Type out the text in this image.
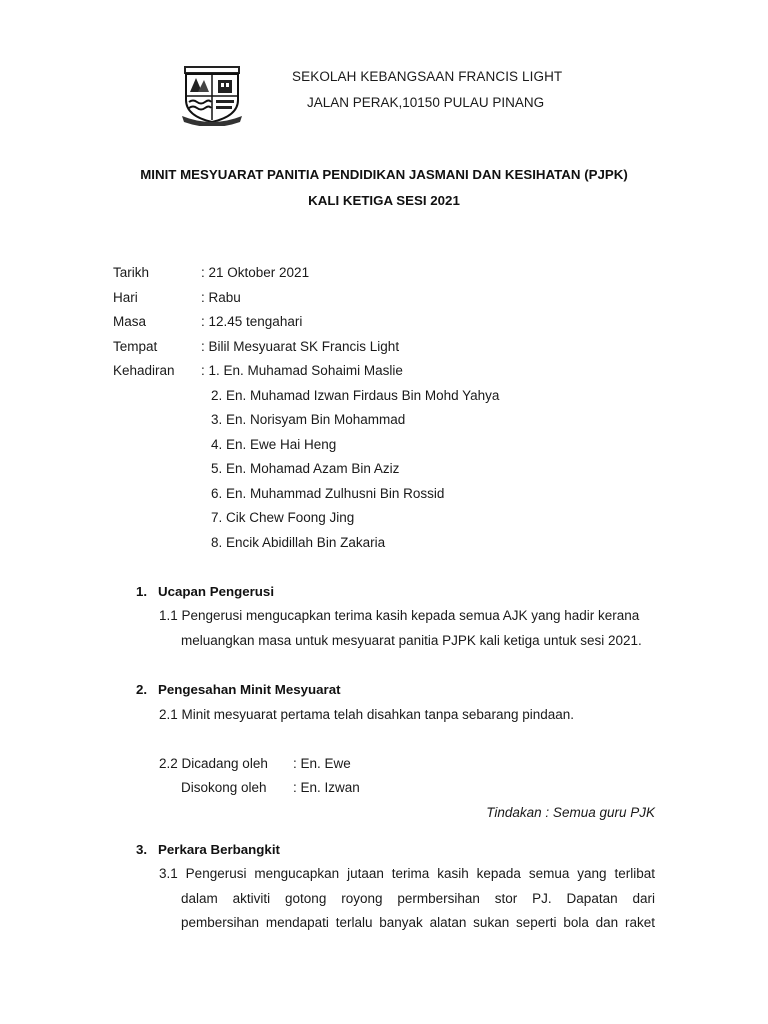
SEKOLAH KEBANGSAAN FRANCIS LIGHT
JALAN PERAK,10150 PULAU PINANG
MINIT MESYUARAT PANITIA PENDIDIKAN JASMANI DAN KESIHATAN (PJPK)
KALI KETIGA SESI 2021
Tarikh	: 21 Oktober 2021
Hari	: Rabu
Masa	: 12.45 tengahari
Tempat	: Bilil Mesyuarat SK Francis Light
Kehadiran : 1. En. Muhamad Sohaimi Maslie
2. En. Muhamad Izwan Firdaus Bin Mohd Yahya
3. En. Norisyam Bin Mohammad
4. En. Ewe Hai Heng
5. En. Mohamad Azam Bin Aziz
6. En. Muhammad Zulhusni Bin Rossid
7. Cik Chew Foong Jing
8. Encik Abidillah Bin Zakaria
1. Ucapan Pengerusi
1.1 Pengerusi mengucapkan terima kasih kepada semua AJK yang hadir kerana
meluangkan masa untuk mesyuarat panitia PJPK kali ketiga untuk sesi 2021.
2. Pengesahan Minit Mesyuarat
2.1 Minit mesyuarat pertama telah disahkan tanpa sebarang pindaan.
2.2 Dicadang oleh : En. Ewe
Disokong oleh : En. Izwan
Tindakan : Semua guru PJK
3. Perkara Berbangkit
3.1 Pengerusi mengucapkan jutaan terima kasih kepada semua yang terlibat
dalam aktiviti gotong royong permbersihan stor PJ. Dapatan dari
pembersihan mendapati terlalu banyak alatan sukan seperti bola dan raket
